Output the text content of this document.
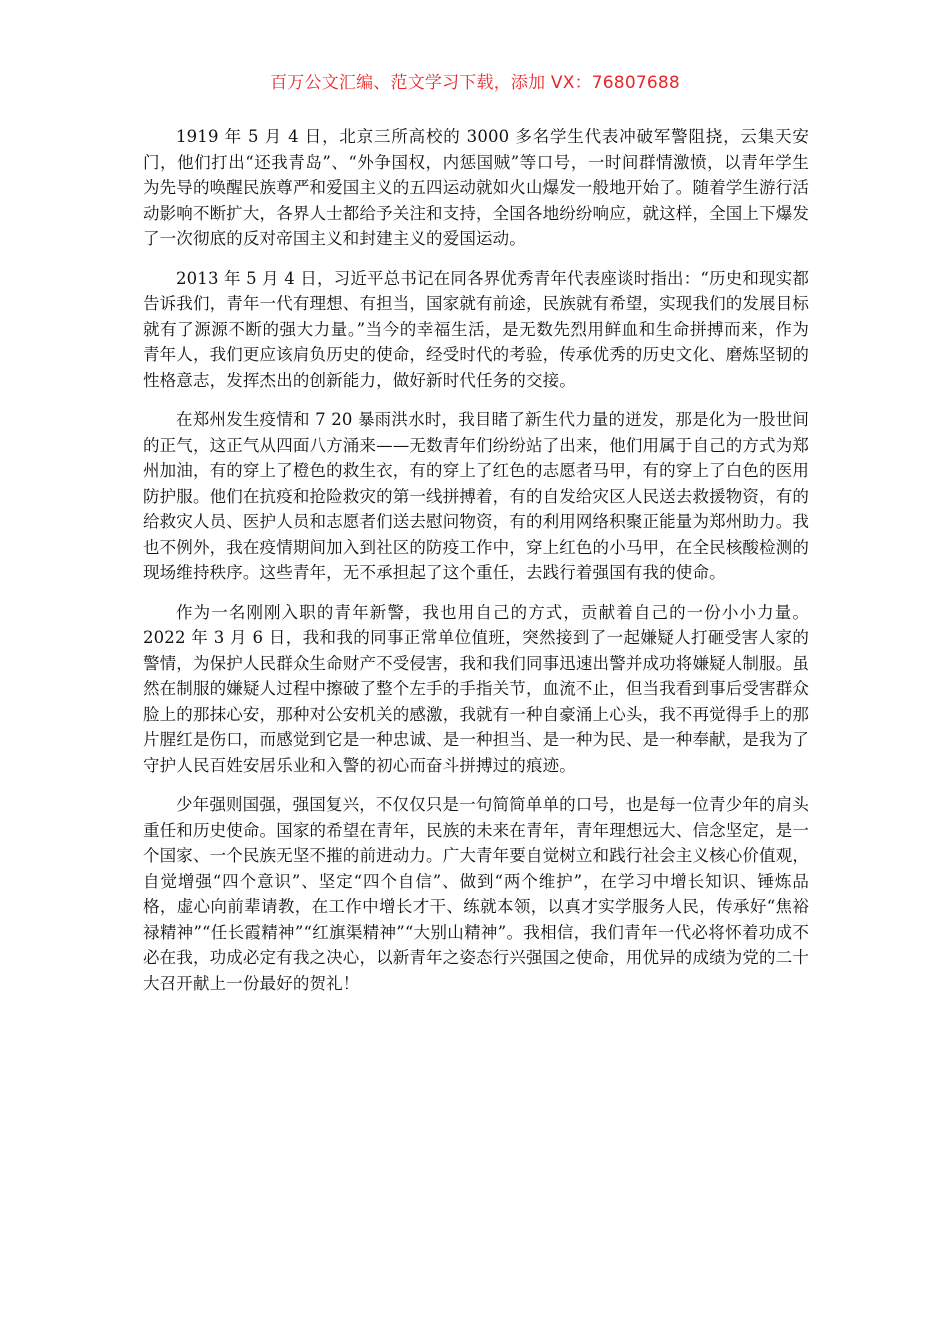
百万公文汇编、范文学习下载，添加 VX：76807688

1919 年 5 月 4 日，北京三所高校的 3000 多名学生代表冲破军警阻挠，云集天安门，他们打出“还我青岛”、“外争国权，内惩国贼”等口号，一时间群情激愤，以青年学生为先导的唤醒民族尊严和爱国主义的五四运动就如火山爆发一般地开始了。随着学生游行活动影响不断扩大，各界人士都给予关注和支持，全国各地纷纷响应，就这样，全国上下爆发了一次彻底的反对帝国主义和封建主义的爱国运动。

2013 年 5 月 4 日，习近平总书记在同各界优秀青年代表座谈时指出：“历史和现实都告诉我们，青年一代有理想、有担当，国家就有前途，民族就有希望，实现我们的发展目标就有了源源不断的强大力量。”当今的幸福生活，是无数先烈用鲜血和生命拼搏而来，作为青年人，我们更应该肩负历史的使命，经受时代的考验，传承优秀的历史文化、磨炼坚韧的性格意志，发挥杰出的创新能力，做好新时代任务的交接。

在郑州发生疫情和 7 20 暴雨洪水时，我目睹了新生代力量的迸发，那是化为一股世间的正气，这正气从四面八方涌来——无数青年们纷纷站了出来，他们用属于自己的方式为郑州加油，有的穿上了橙色的救生衣，有的穿上了红色的志愿者马甲，有的穿上了白色的医用防护服。他们在抗疫和抢险救灾的第一线拼搏着，有的自发给灾区人民送去救援物资，有的给救灾人员、医护人员和志愿者们送去慰问物资，有的利用网络积聚正能量为郑州助力。我也不例外，我在疫情期间加入到社区的防疫工作中，穿上红色的小马甲，在全民核酸检测的现场维持秩序。这些青年，无不承担起了这个重任，去践行着强国有我的使命。

作为一名刚刚入职的青年新警，我也用自己的方式，贡献着自己的一份小小力量。2022 年 3 月 6 日，我和我的同事正常单位值班，突然接到了一起嫌疑人打砸受害人家的警情，为保护人民群众生命财产不受侵害，我和我们同事迅速出警并成功将嫌疑人制服。虽然在制服的嫌疑人过程中擦破了整个左手的手指关节，血流不止，但当我看到事后受害群众脸上的那抹心安，那种对公安机关的感激，我就有一种自豪涌上心头，我不再觉得手上的那片腥红是伤口，而感觉到它是一种忠诚、是一种担当、是一种为民、是一种奉献，是我为了守护人民百姓安居乐业和入警的初心而奋斗拼搏过的痕迹。

少年强则国强，强国复兴，不仅仅只是一句简简单单的口号，也是每一位青少年的肩头重任和历史使命。国家的希望在青年，民族的未来在青年，青年理想远大、信念坚定，是一个国家、一个民族无坚不摧的前进动力。广大青年要自觉树立和践行社会主义核心价值观，自觉增强“四个意识”、坚定“四个自信”、做到“两个维护”，在学习中增长知识、锤炼品格，虚心向前辈请教，在工作中增长才干、练就本领，以真才实学服务人民，传承好“焦裕禄精神”“任长霞精神”“红旗渠精神”“大别山精神”。我相信，我们青年一代必将怀着功成不必在我，功成必定有我之决心，以新青年之姿态行兴强国之使命，用优异的成绩为党的二十大召开献上一份最好的贺礼！
